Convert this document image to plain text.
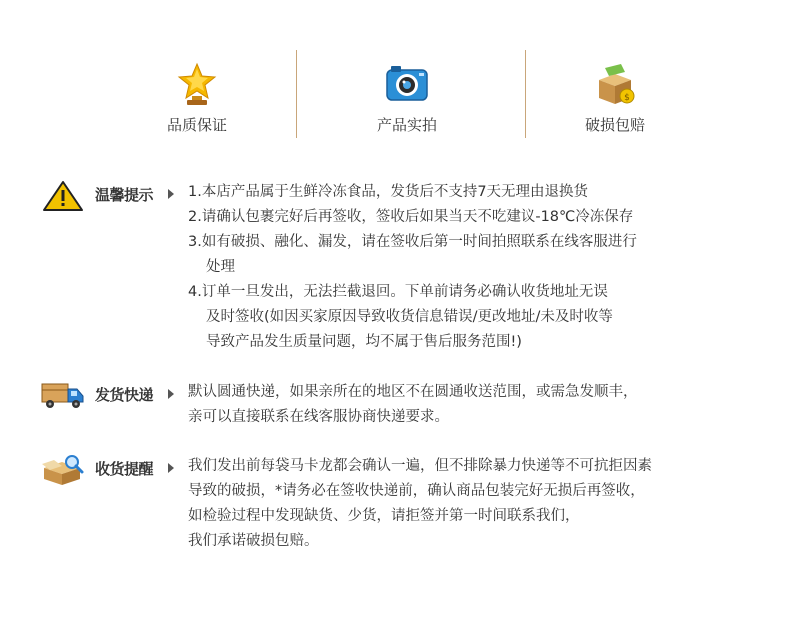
品质保证	产品实拍
$
破损包赔
温馨提示 1.本店产品属于生鲜冷冻食品，发货后不支持7天无理由退换货
2.请确认包裹完好后再签收，签收后如果当天不吃建议-18℃冷冻保存
3.如有破损、融化、漏发，请在签收后第一时间拍照联系在线客服进行
处理
4.订单一旦发出，无法拦截退回。下单前请务必确认收货地址无误
及时签收(如因买家原因导致收货信息错误/更改地址/未及时收等
导致产品发生质量问题，均不属于售后服务范围!)
发货快递 默认圆通快递，如果亲所在的地区不在圆通收送范围，或需急发顺丰，
亲可以直接联系在线客服协商快递要求。
收货提醒 我们发出前每袋马卡龙都会确认一遍，但不排除暴力快递等不可抗拒因素
导致的破损，*请务必在签收快递前，确认商品包装完好无损后再签收，
如检验过程中发现缺货、少货，请拒签并第一时间联系我们，
我们承诺破损包赔。
